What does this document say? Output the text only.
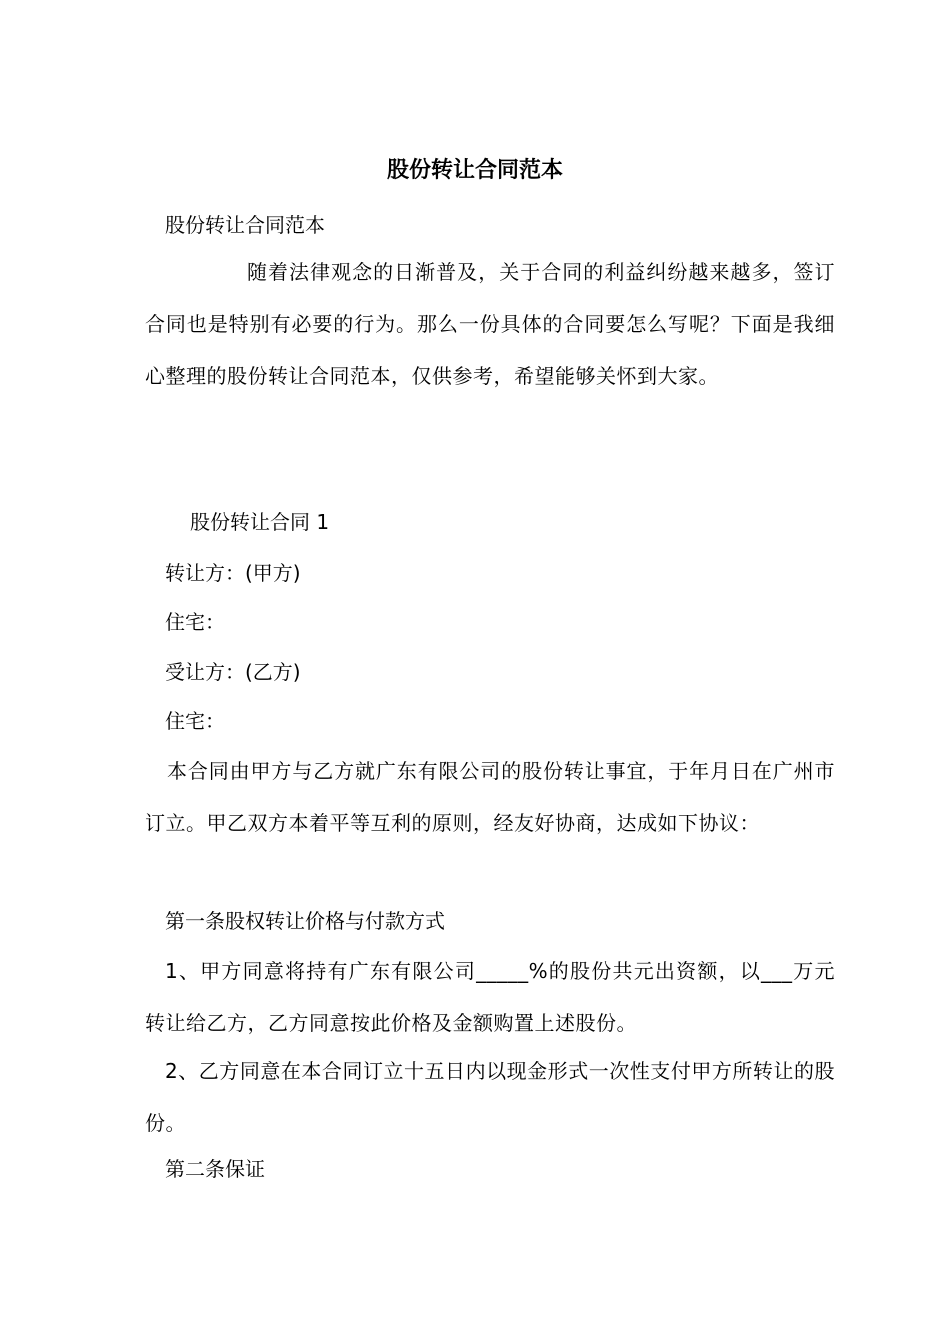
股份转让合同范本
股份转让合同范本
随着法律观念的日渐普及，关于合同的利益纠纷越来越多，签订合同也是特别有必要的行为。那么一份具体的合同要怎么写呢？下面是我细心整理的股份转让合同范本，仅供参考，希望能够关怀到大家。
股份转让合同 1
转让方：(甲方)
住宅：
受让方：(乙方)
住宅：
本合同由甲方与乙方就广东有限公司的股份转让事宜，于年月日在广州市订立。甲乙双方本着平等互利的原则，经友好协商，达成如下协议：
第一条股权转让价格与付款方式
1、甲方同意将持有广东有限公司_____%的股份共元出资额，以___万元转让给乙方，乙方同意按此价格及金额购置上述股份。
2、乙方同意在本合同订立十五日内以现金形式一次性支付甲方所转让的股份。
第二条保证
